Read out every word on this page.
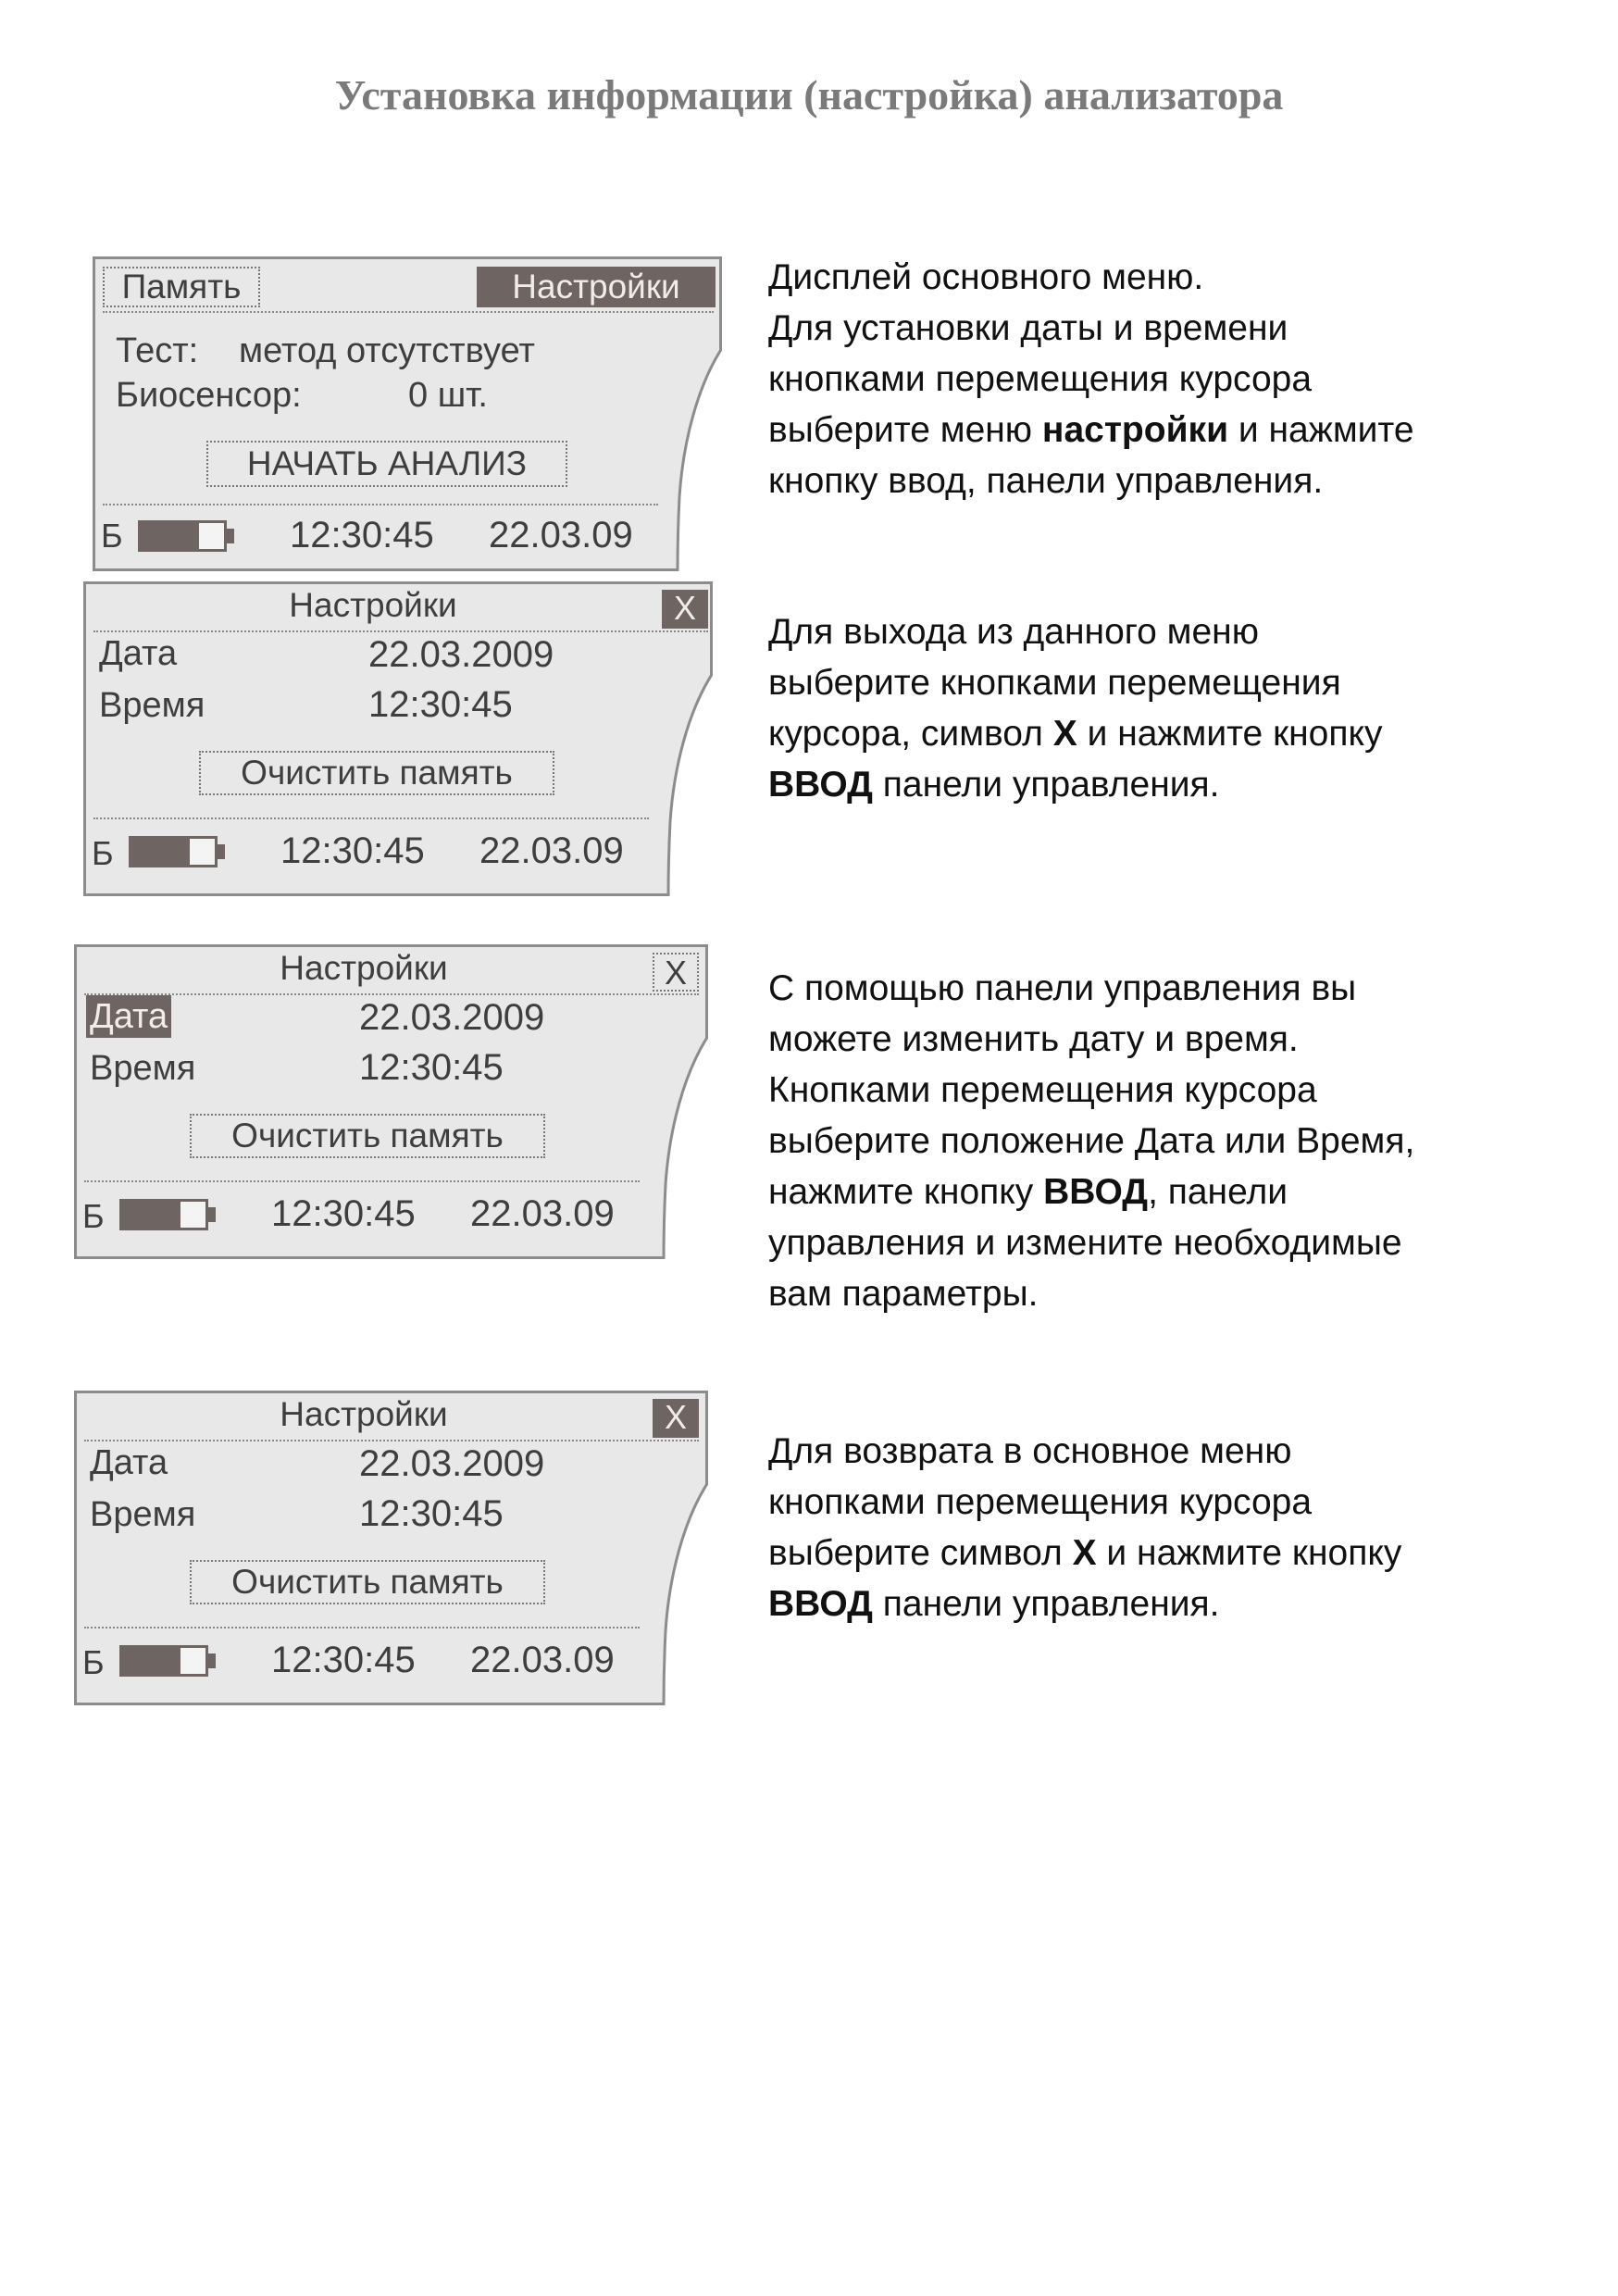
Установка информации (настройка) анализатора
Память	Настройки
Тест: метод отсутствует
Биосенсор:	0 шт.
НАЧАТЬ АНАЛИЗ
Б	12:30:45 22.03.09

Дисплей основного меню.

Для установки даты и времени

кнопками перемещения курсора

выберите меню настройки и нажмите

кнопку ввод, панели управления.

Настройки	X
Дата	22.03.2009
Время	12:30:45
Очистить память
Б	12:30:45 22.03.09

Для выхода из данного меню

выберите кнопками перемещения

курсора, символ X и нажмите кнопку

ВВОД панели управления.

Настройки	X
Дата	22.03.2009
Время	12:30:45
Очистить память
Б	12:30:45 22.03.09

С помощью панели управления вы

можете изменить дату и время.

Кнопками перемещения курсора

выберите положение Дата или Время,

нажмите кнопку ВВОД, панели

управления и измените необходимые

вам параметры.

Настройки	X
Дата	22.03.2009
Время	12:30:45
Очистить память
Б	12:30:45 22.03.09

Для возврата в основное меню

кнопками перемещения курсора

выберите символ X и нажмите кнопку

ВВОД панели управления.
